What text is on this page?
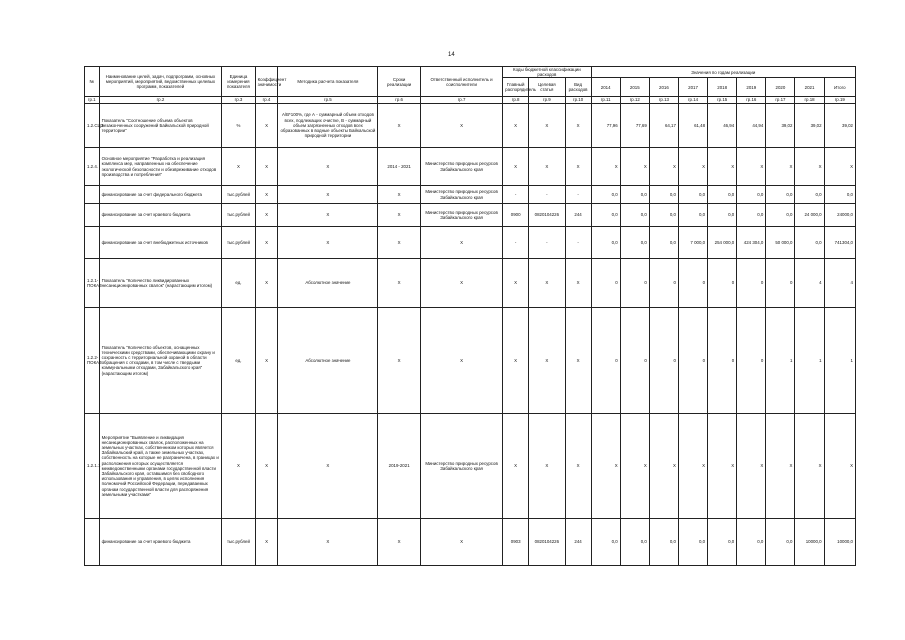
14
№	Наименование целей, задач, подпрограмм, основных мероприятий, мероприятий, ведомственных целевых программ, показателей	Единица измерения показателя	Коэффициент значимости	Методика расчета показателя	Сроки реализации	Ответственный исполнитель и соисполнители	Коды бюджетной классификации расходов			Значения по годам реализации								
							Главный распорядитель	Целевая статья	Вид расходов	2014	2015	2016	2017	2018	2019	2020	2021	Итого
гр.1	гр.2	гр.3	гр.4	гр.5	гр.6	гр.7	гр.8	гр.9	гр.10	гр.11	гр.12	гр.13	гр.14	гр.15	гр.16	гр.17	гр.18	гр.19
1.2.СЦЗ	Показатель "Соотношение объема объектов незаконченных сооружений Байкальской природной территории"	%	Х	А/В*100%, где А - суммарный объем отходов всех, подлежащих очистке, В - суммарный объем загрязненных отходов всех образованных в водные объекты Байкальской природной территории	Х	Х	Х	Х	Х	77,96	77,69	64,17	61,48	46,94	44,94	39,02	39,02	39,02
1.2.4.	Основное мероприятие "Разработка и реализация комплекса мер, направленных на обеспечение экологической безопасности и обезвреживание отходов производства и потребления"	Х	Х	Х	2014 - 2021	Министерство природных ресурсов Забайкальского края	Х	Х	Х	Х	Х	Х	Х	Х	Х	Х	Х	Х
	финансирование за счет федерального бюджета	тыс.рублей	Х	Х	Х	Министерство природных ресурсов Забайкальского края	-	-	-	0,0	0,0	0,0	0,0	0,0	0,0	0,0	0,0	0,0
	финансирование за счет краевого бюджета	тыс.рублей	Х	Х	Х	Министерство природных ресурсов Забайкальского края	0900	0820104226	244	0,0	0,0	0,0	0,0	0,0	0,0	0,0	24 000,0	24000,0
	финансирование за счет внебюджетных источников	тыс.рублей	Х	Х	Х	Х	-	-	-	0,0	0,0	0,0	7 000,0	254 000,0	424 304,0	50 000,0	0,0	741304,0
1.2.1-ПОКАЗ	Показатель "Количество ликвидированных несанкционированных свалок" (нарастающим итогом)	ед.	Х	Абсолютное значение	Х	Х	Х	Х	Х	0	0	0	0	0	0	0	4	4
1.2.2-ПОКАЗ	Показатель "Количество объектов, оснащенных техническими средствами, обеспечивающими охрану и сохранность с территориальной охраной в области обращения с отходами, в том числе с твердыми коммунальными отходами, Забайкальского края" (нарастающим итогом)	ед.	Х	Абсолютное значение	Х	Х	Х	Х	Х	0	0	0	0	0	0	1	1	1
1.2.1.1	Мероприятие "Выявление и ликвидация несанкционированных свалок, расположенных на земельных участках, собственником которых является Забайкальский край, а также земельных участках, собственность на которые не разграничена, в границах и расположения которых осуществляется межведомственными органами государственной власти Забайкальского края, оставшимся без свободного использования и управления, в целях исполнения полномочий Российской Федерации, передаваемых органам государственной власти для распоряжения земельными участками"	Х	Х	Х	2019-2021	Министерство природных ресурсов Забайкальского края	Х	Х	Х	Х	Х	Х	Х	Х	Х	Х	Х	Х
	финансирование за счет краевого бюджета	тыс.рублей	Х	Х	Х	Х	0903	0820104226	244	0,0	0,0	0,0	0,0	0,0	0,0	0,0	10000,0	10000,0
